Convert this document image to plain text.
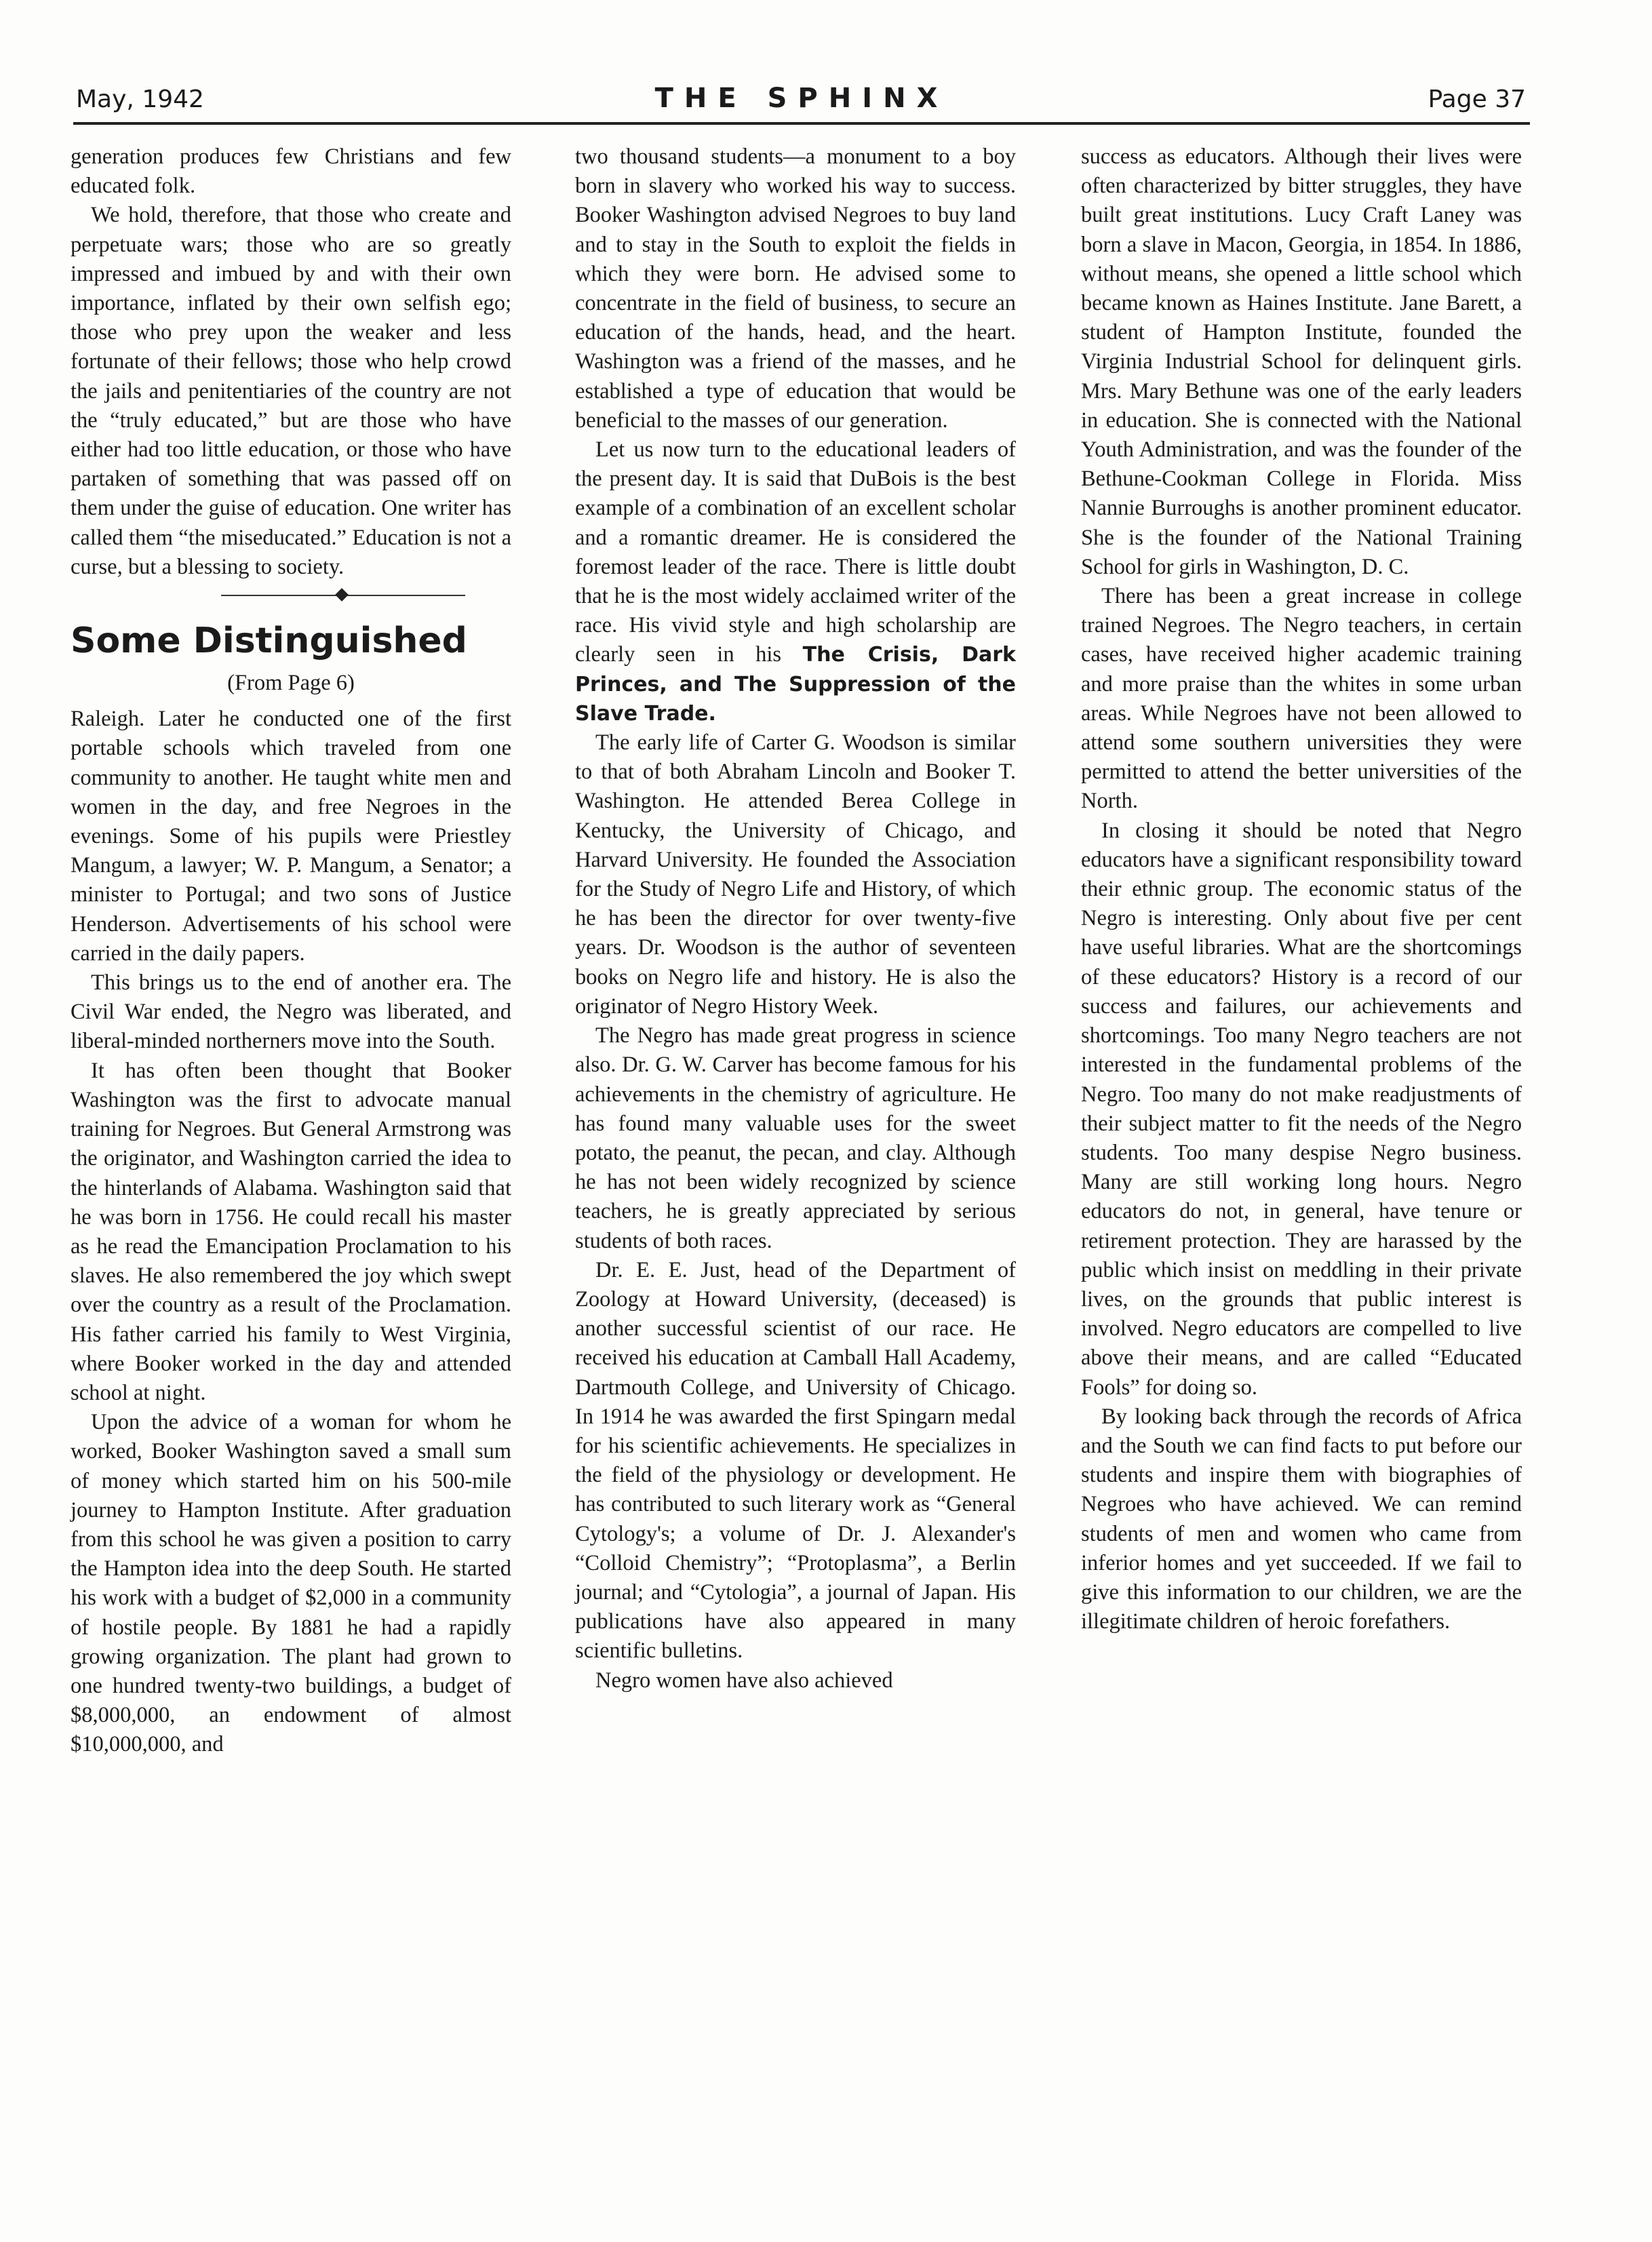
May, 1942	THE SPHINX	Page 37

generation produces few Christians and few educated folk.

We hold, therefore, that those who create and perpetuate wars; those who are so greatly impressed and imbued by and with their own importance, inflated by their own selfish ego; those who prey upon the weaker and less fortunate of their fellows; those who help crowd the jails and penitentiaries of the country are not the “truly educated,” but are those who have either had too little education, or those who have partaken of something that was passed off on them under the guise of education. One writer has called them “the miseducated.” Education is not a curse, but a blessing to society.

Some Distinguished
(From Page 6)

Raleigh. Later he conducted one of the first portable schools which traveled from one community to another. He taught white men and women in the day, and free Negroes in the evenings. Some of his pupils were Priestley Mangum, a lawyer; W. P. Mangum, a Senator; a minister to Portugal; and two sons of Justice Henderson. Advertisements of his school were carried in the daily papers.

This brings us to the end of another era. The Civil War ended, the Negro was liberated, and liberal-minded northerners move into the South.

It has often been thought that Booker Washington was the first to advocate manual training for Negroes. But General Armstrong was the originator, and Washington carried the idea to the hinterlands of Alabama. Washington said that he was born in 1756. He could recall his master as he read the Emancipation Proclamation to his slaves. He also remembered the joy which swept over the country as a result of the Proclamation. His father carried his family to West Virginia, where Booker worked in the day and attended school at night.

Upon the advice of a woman for whom he worked, Booker Washington saved a small sum of money which started him on his 500-mile journey to Hampton Institute. After graduation from this school he was given a position to carry the Hampton idea into the deep South. He started his work with a budget of $2,000 in a community of hostile people. By 1881 he had a rapidly growing organization. The plant had grown to one hundred twenty-two buildings, a budget of $8,000,000, an endowment of almost $10,000,000, and

two thousand students—a monument to a boy born in slavery who worked his way to success. Booker Washington advised Negroes to buy land and to stay in the South to exploit the fields in which they were born. He advised some to concentrate in the field of business, to secure an education of the hands, head, and the heart. Washington was a friend of the masses, and he established a type of education that would be beneficial to the masses of our generation.

Let us now turn to the educational leaders of the present day. It is said that DuBois is the best example of a combination of an excellent scholar and a romantic dreamer. He is considered the foremost leader of the race. There is little doubt that he is the most widely acclaimed writer of the race. His vivid style and high scholarship are clearly seen in his The Crisis, Dark Princes, and The Suppression of the Slave Trade.

The early life of Carter G. Woodson is similar to that of both Abraham Lincoln and Booker T. Washington. He attended Berea College in Kentucky, the University of Chicago, and Harvard University. He founded the Association for the Study of Negro Life and History, of which he has been the director for over twenty-five years. Dr. Woodson is the author of seventeen books on Negro life and history. He is also the originator of Negro History Week.

The Negro has made great progress in science also. Dr. G. W. Carver has become famous for his achievements in the chemistry of agriculture. He has found many valuable uses for the sweet potato, the peanut, the pecan, and clay. Although he has not been widely recognized by science teachers, he is greatly appreciated by serious students of both races.

Dr. E. E. Just, head of the Department of Zoology at Howard University, (deceased) is another successful scientist of our race. He received his education at Camball Hall Academy, Dartmouth College, and University of Chicago. In 1914 he was awarded the first Spingarn medal for his scientific achievements. He specializes in the field of the physiology or development. He has contributed to such literary work as “General Cytology's; a volume of Dr. J. Alexander's “Colloid Chemistry”; “Protoplasma”, a Berlin journal; and “Cytologia”, a journal of Japan. His publications have also appeared in many scientific bulletins.

Negro women have also achieved

success as educators. Although their lives were often characterized by bitter struggles, they have built great institutions. Lucy Craft Laney was born a slave in Macon, Georgia, in 1854. In 1886, without means, she opened a little school which became known as Haines Institute. Jane Barett, a student of Hampton Institute, founded the Virginia Industrial School for delinquent girls. Mrs. Mary Bethune was one of the early leaders in education. She is connected with the National Youth Administration, and was the founder of the Bethune-Cookman College in Florida. Miss Nannie Burroughs is another prominent educator. She is the founder of the National Training School for girls in Washington, D. C.

There has been a great increase in college trained Negroes. The Negro teachers, in certain cases, have received higher academic training and more praise than the whites in some urban areas. While Negroes have not been allowed to attend some southern universities they were permitted to attend the better universities of the North.

In closing it should be noted that Negro educators have a significant responsibility toward their ethnic group. The economic status of the Negro is interesting. Only about five per cent have useful libraries. What are the shortcomings of these educators? History is a record of our success and failures, our achievements and shortcomings. Too many Negro teachers are not interested in the fundamental problems of the Negro. Too many do not make readjustments of their subject matter to fit the needs of the Negro students. Too many despise Negro business. Many are still working long hours. Negro educators do not, in general, have tenure or retirement protection. They are harassed by the public which insist on meddling in their private lives, on the grounds that public interest is involved. Negro educators are compelled to live above their means, and are called “Educated Fools” for doing so.

By looking back through the records of Africa and the South we can find facts to put before our students and inspire them with biographies of Negroes who have achieved. We can remind students of men and women who came from inferior homes and yet succeeded. If we fail to give this information to our children, we are the illegitimate children of heroic forefathers.
